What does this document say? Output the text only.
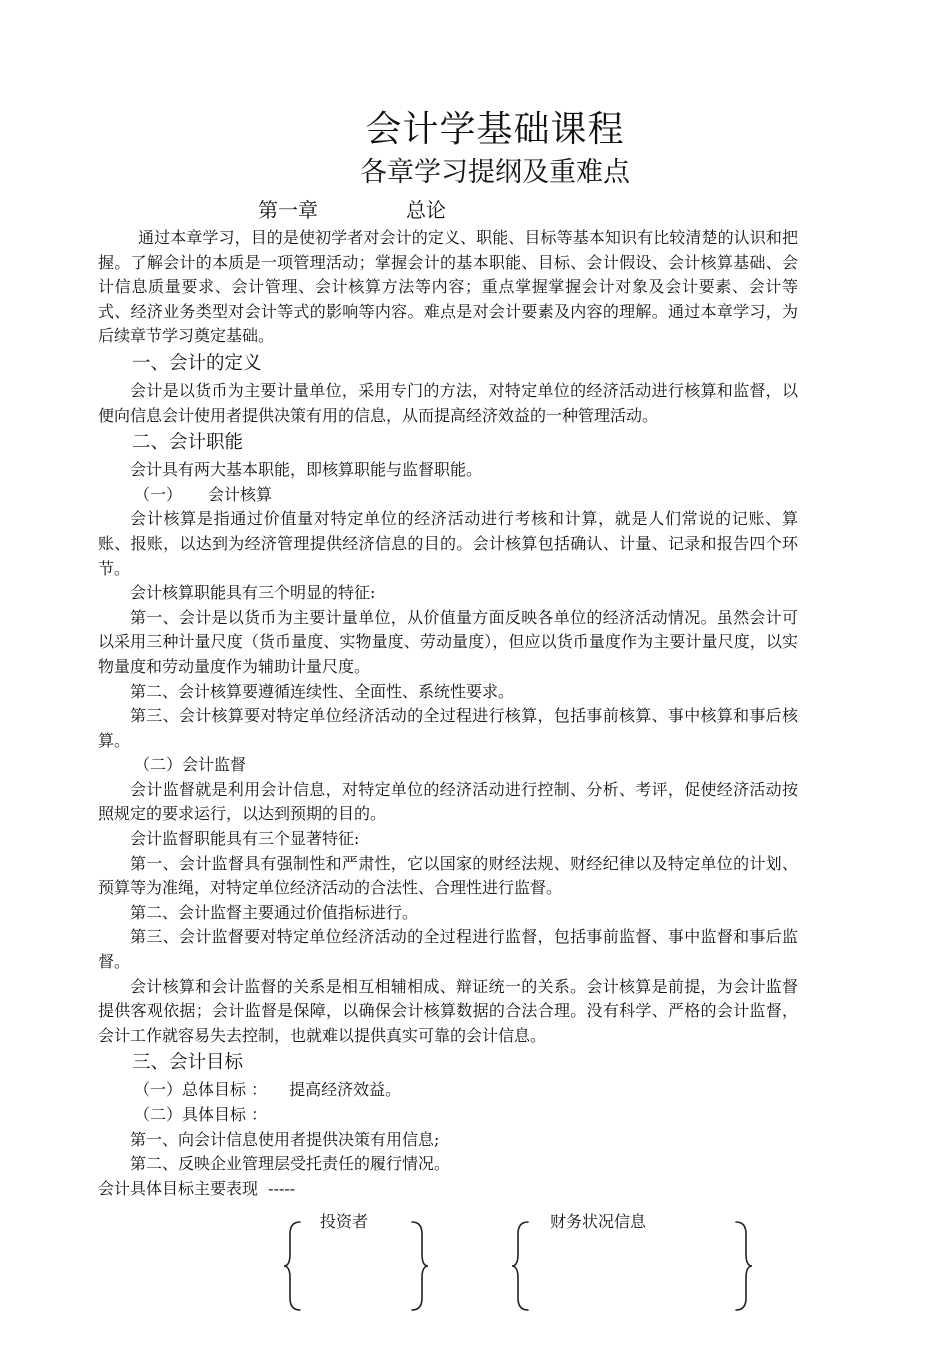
会计学基础课程
各章学习提纲及重难点
第一章	总论

通过本章学习，目的是使初学者对会计的定义、职能、目标等基本知识有比较清楚的认识和把握。了解会计的本质是一项管理活动；掌握会计的基本职能、目标、会计假设、会计核算基础、会计信息质量要求、会计管理、会计核算方法等内容；重点掌握掌握会计对象及会计要素、会计等式、经济业务类型对会计等式的影响等内容。难点是对会计要素及内容的理解。通过本章学习，为后续章节学习奠定基础。

一、会计的定义

会计是以货币为主要计量单位，采用专门的方法，对特定单位的经济活动进行核算和监督，以便向信息会计使用者提供决策有用的信息，从而提高经济效益的一种管理活动。

二、会计职能

会计具有两大基本职能，即核算职能与监督职能。

（一） 会计核算

会计核算是指通过价值量对特定单位的经济活动进行考核和计算，就是人们常说的记账、算账、报账，以达到为经济管理提供经济信息的目的。会计核算包括确认、计量、记录和报告四个环节。

会计核算职能具有三个明显的特征:

第一、会计是以货币为主要计量单位，从价值量方面反映各单位的经济活动情况。虽然会计可以采用三种计量尺度（货币量度、实物量度、劳动量度），但应以货币量度作为主要计量尺度，以实物量度和劳动量度作为辅助计量尺度。

第二、会计核算要遵循连续性、全面性、系统性要求。

第三、会计核算要对特定单位经济活动的全过程进行核算，包括事前核算、事中核算和事后核算。

（二）会计监督

会计监督就是利用会计信息，对特定单位的经济活动进行控制、分析、考评，促使经济活动按照规定的要求运行，以达到预期的目的。

会计监督职能具有三个显著特征:

第一、会计监督具有强制性和严肃性，它以国家的财经法规、财经纪律以及特定单位的计划、预算等为准绳，对特定单位经济活动的合法性、合理性进行监督。

第二、会计监督主要通过价值指标进行。

第三、会计监督要对特定单位经济活动的全过程进行监督，包括事前监督、事中监督和事后监督。

会计核算和会计监督的关系是相互相辅相成、辩证统一的关系。会计核算是前提，为会计监督提供客观依据；会计监督是保障，以确保会计核算数据的合法合理。没有科学、严格的会计监督，会计工作就容易失去控制，也就难以提供真实可靠的会计信息。

三、会计目标

（一）总体目标 ： 提高经济效益。

（二）具体目标 ：

第一、向会计信息使用者提供决策有用信息;

第二、反映企业管理层受托责任的履行情况。

会计具体目标主要表现  -----

投资者	财务状况信息
